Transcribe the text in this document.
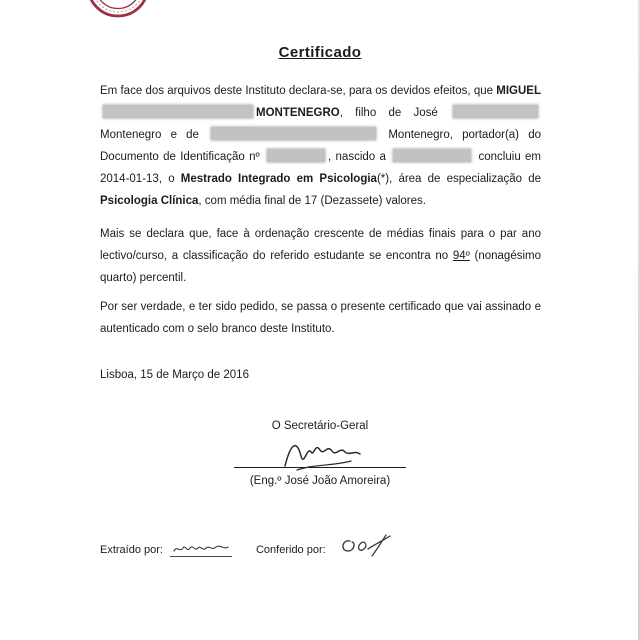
Certificado

Em face dos arquivos deste Instituto declara-se, para os devidos efeitos, que MIGUELMONTENEGRO, filho de José Montenegro e de	Montenegro, portador(a) do Documento de Identificação nº	, nascido a	concluiu em 2014-01-13, o Mestrado Integrado em Psicologia(*), área de especialização de Psicologia Clínica, com média final de 17 (Dezassete) valores.

Mais se declara que, face à ordenação crescente de médias finais para o par ano lectivo/curso, a classificação do referido estudante se encontra no 94º (nonagésimo quarto) percentil.

Por ser verdade, e ter sido pedido, se passa o presente certificado que vai assinado e autenticado com o selo branco deste Instituto.

Lisboa, 15 de Março de 2016

O Secretário-Geral
(Eng.º José João Amoreira)
Extraído por:	Conferido por:
